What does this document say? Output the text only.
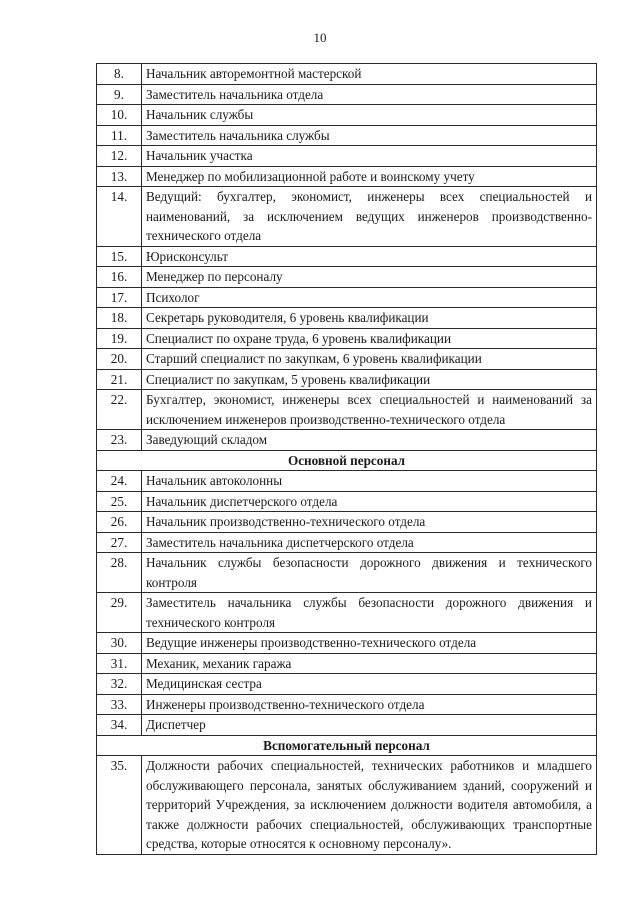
10
8.	Начальник авторемонтной мастерской
9.	Заместитель начальника отдела
10.	Начальник службы
11.	Заместитель начальника службы
12.	Начальник участка
13.	Менеджер по мобилизационной работе и воинскому учету
14.	Ведущий: бухгалтер, экономист, инженеры всех специальностей и наименований, за исключением ведущих инженеров производственно-технического отдела
15.	Юрисконсульт
16.	Менеджер по персоналу
17.	Психолог
18.	Секретарь руководителя, 6 уровень квалификации
19.	Специалист по охране труда, 6 уровень квалификации
20.	Старший специалист по закупкам, 6 уровень квалификации
21.	Специалист по закупкам, 5 уровень квалификации
22.	Бухгалтер, экономист, инженеры всех специальностей и наименований за исключением инженеров производственно-технического отдела
23.	Заведующий складом
Основной персонал	
24.	Начальник автоколонны
25.	Начальник диспетчерского отдела
26.	Начальник производственно-технического отдела
27.	Заместитель начальника диспетчерского отдела
28.	Начальник службы безопасности дорожного движения и технического контроля
29.	Заместитель начальника службы безопасности дорожного движения и технического контроля
30.	Ведущие инженеры производственно-технического отдела
31.	Механик, механик гаража
32.	Медицинская сестра
33.	Инженеры производственно-технического отдела
34.	Диспетчер
Вспомогательный персонал	
35.	Должности рабочих специальностей, технических работников и младшего обслуживающего персонала, занятых обслуживанием зданий, сооружений и территорий Учреждения, за исключением должности водителя автомобиля, а также должности рабочих специальностей, обслуживающих транспортные средства, которые относятся к основному персоналу».
